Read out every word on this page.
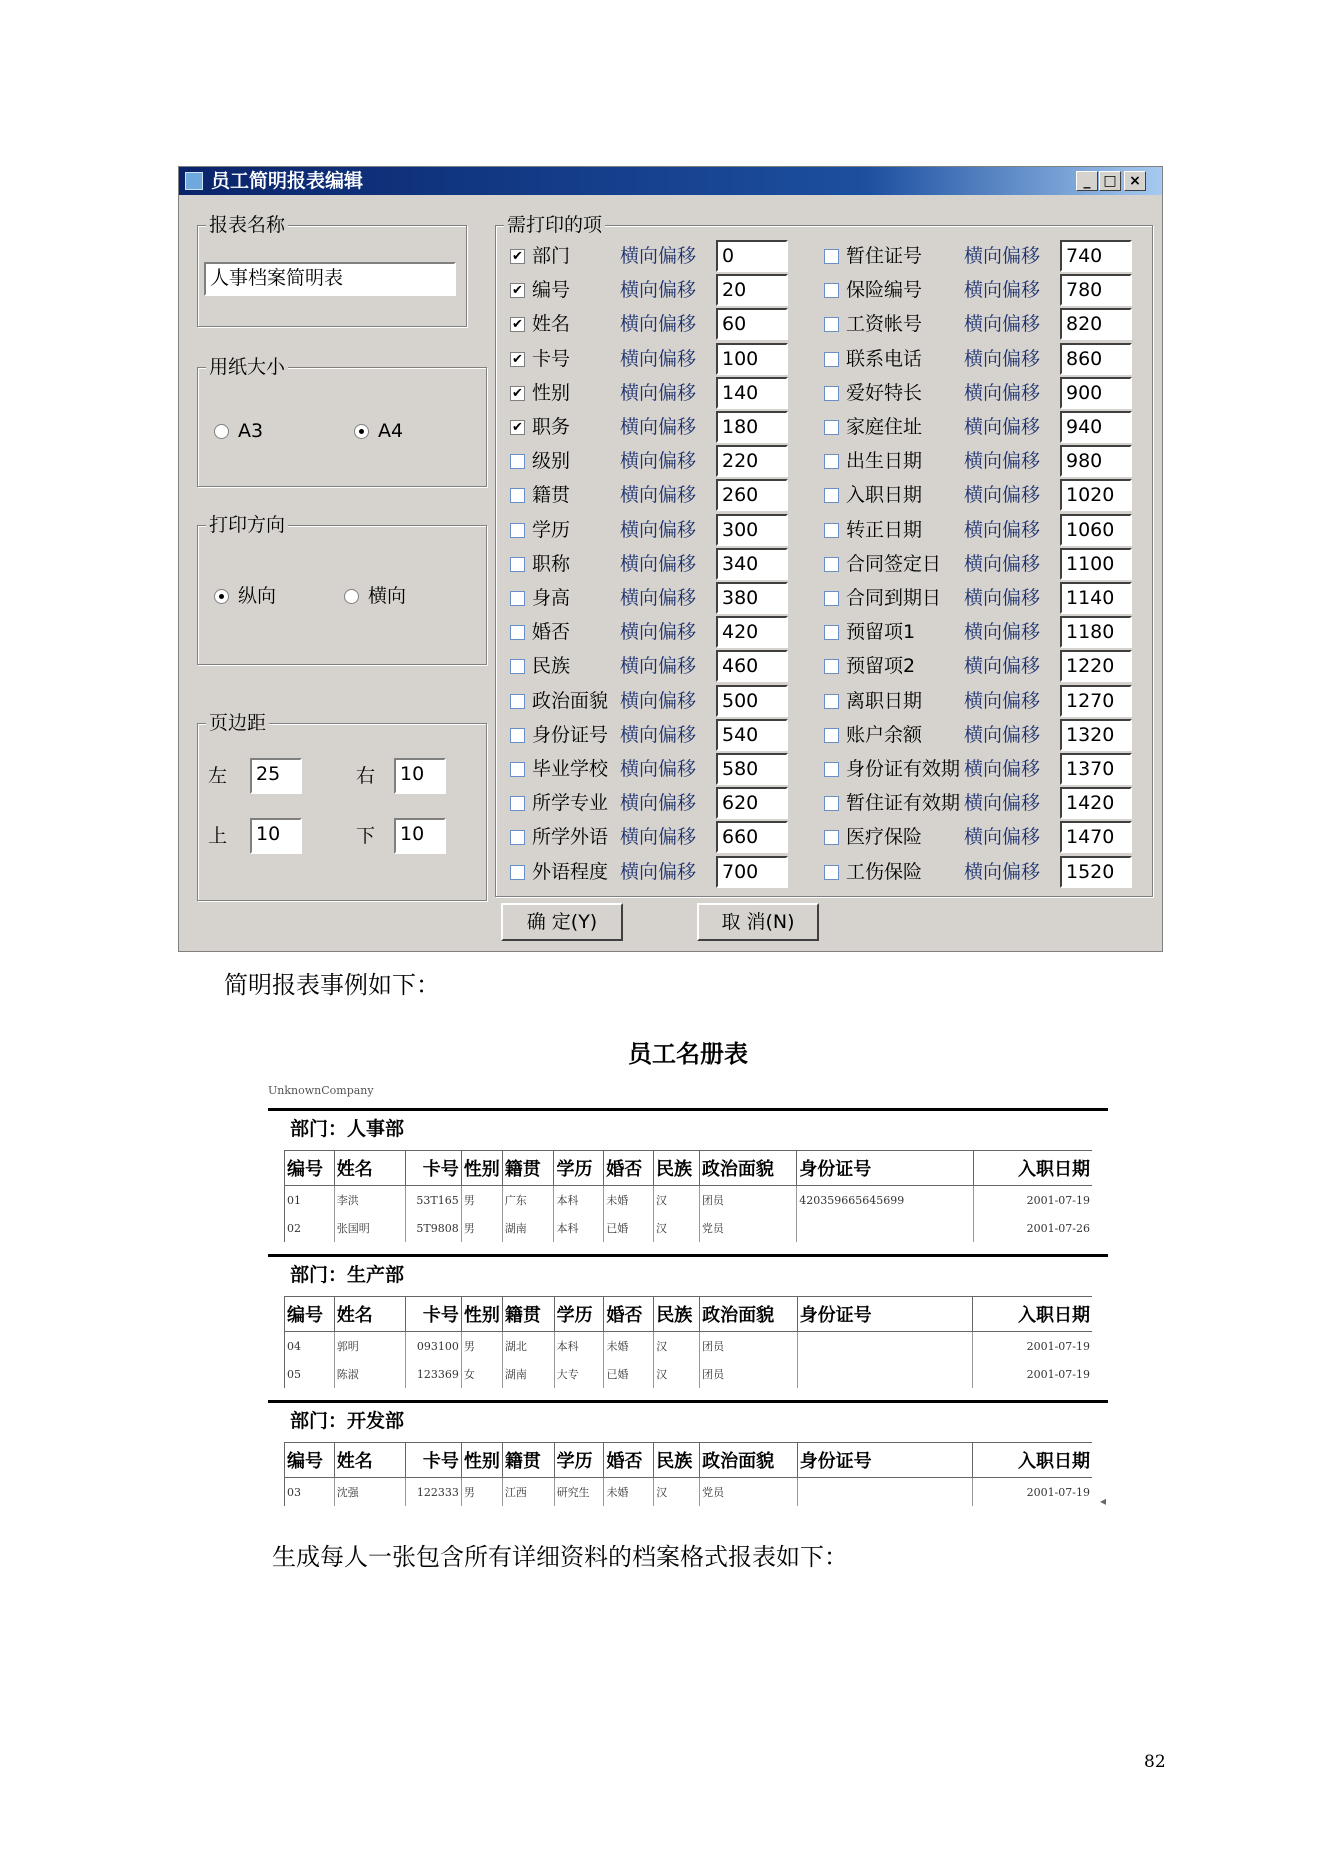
员工简明报表编辑	_ □ ×
报表名称
人事档案简明表
用纸大小
A3	A4
打印方向
纵向	横向
页边距
左	25	右	10
上	10	下	10
需打印的项
✔ 部门	横向偏移	0
✔ 编号	横向偏移	20
✔ 姓名	横向偏移	60
✔ 卡号	横向偏移	100
✔ 性别	横向偏移	140
✔ 职务	横向偏移	180
级别	横向偏移	220
籍贯	横向偏移	260
学历	横向偏移	300
职称	横向偏移	340
身高	横向偏移	380
婚否	横向偏移	420
民族	横向偏移	460
政治面貌 横向偏移	500
身份证号 横向偏移	540
毕业学校 横向偏移	580
所学专业 横向偏移	620
所学外语 横向偏移	660
外语程度 横向偏移	700
暂住证号 横向偏移	740
保险编号 横向偏移	780
工资帐号 横向偏移	820
联系电话 横向偏移	860
爱好特长 横向偏移	900
家庭住址 横向偏移	940
出生日期 横向偏移	980
入职日期 横向偏移	1020
转正日期 横向偏移	1060
合同签定日 横向偏移	1100
合同到期日 横向偏移	1140
预留项1	横向偏移	1180
预留项2	横向偏移	1220
离职日期 横向偏移	1270
账户余额 横向偏移	1320
身份证有效期 横向偏移	1370
暂住证有效期 横向偏移	1420
医疗保险 横向偏移	1470
工伤保险 横向偏移	1520
确 定(Y)	取 消(N)
简明报表事例如下：
员工名册表
UnknownCompany
◂
部门：人事部
编号	姓名	卡号	性别	籍贯	学历	婚否	民族	政治面貌	身份证号	入职日期
01	李洪	53T165	男	广东	本科	未婚	汉	团员	420359665645699	2001-07-19
02	张国明	5T9808	男	湖南	本科	已婚	汉	党员		2001-07-26
部门：生产部
编号	姓名	卡号	性别	籍贯	学历	婚否	民族	政治面貌	身份证号	入职日期
04	郭明	093100	男	湖北	本科	未婚	汉	团员		2001-07-19
05	陈淑	123369	女	湖南	大专	已婚	汉	团员		2001-07-19
部门：开发部
编号	姓名	卡号	性别	籍贯	学历	婚否	民族	政治面貌	身份证号	入职日期
03	沈强	122333	男	江西	研究生	未婚	汉	党员		2001-07-19
生成每人一张包含所有详细资料的档案格式报表如下：
82
